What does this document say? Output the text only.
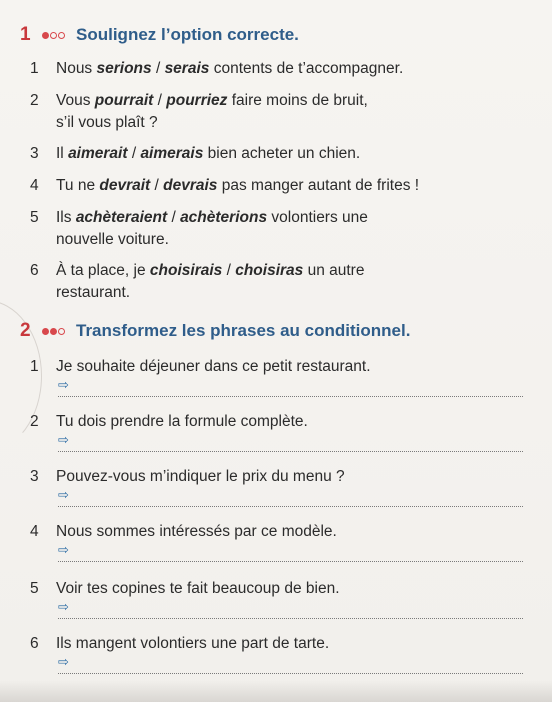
1	Soulignez l’option correcte.
1	Nous serions / serais contents de t’accompagner.
2	Vous pourrait / pourriez faire moins de bruit,
s’il vous plaît ?
3	Il aimerait / aimerais bien acheter un chien.
4	Tu ne devrait / devrais pas manger autant de frites !
5	Ils achèteraient / achèterions volontiers une
nouvelle voiture.
6	À ta place, je choisirais / choisiras un autre
restaurant.
2	Transformez les phrases au conditionnel.
1	Je souhaite déjeuner dans ce petit restaurant.
⇨
2	Tu dois prendre la formule complète.
⇨
3	Pouvez-vous m’indiquer le prix du menu ?
⇨
4	Nous sommes intéressés par ce modèle.
⇨
5	Voir tes copines te fait beaucoup de bien.
⇨
6	Ils mangent volontiers une part de tarte.
⇨
